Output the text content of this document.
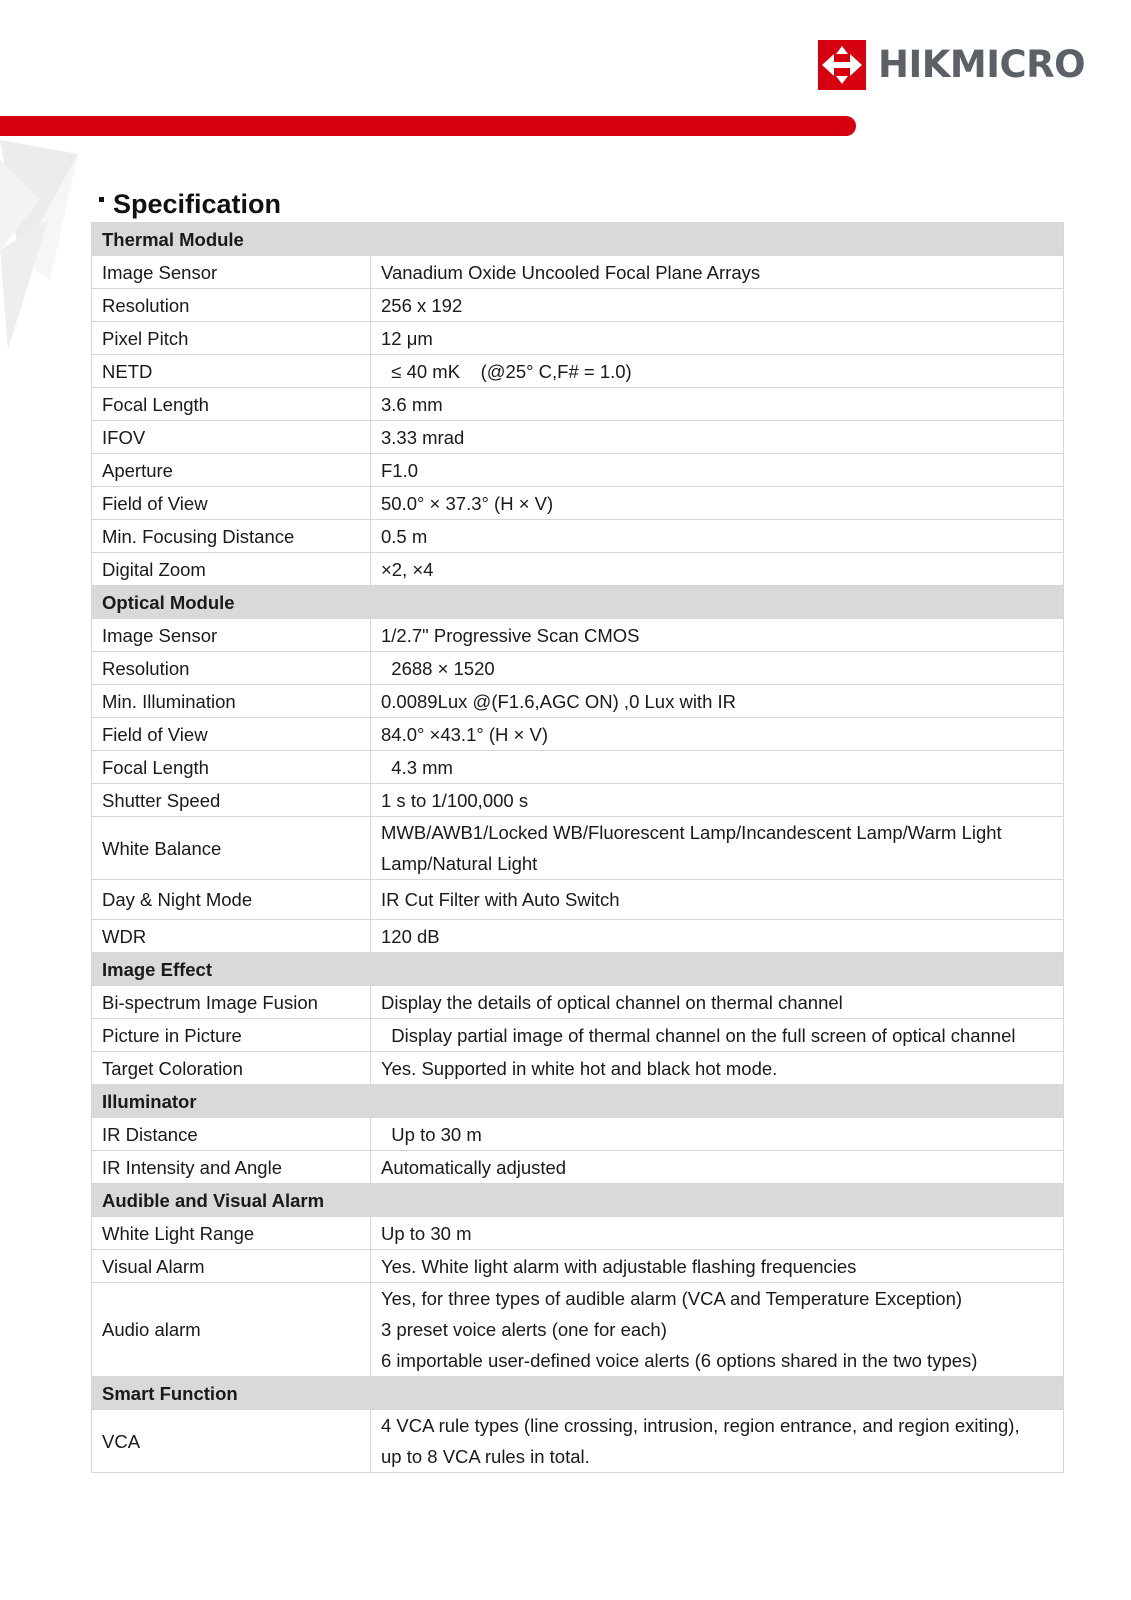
HIKMICRO
Specification
Thermal Module	
Image Sensor	Vanadium Oxide Uncooled Focal Plane Arrays

Resolution	256 x 192

Pixel Pitch	12 μm

NETD	≤ 40 mK    (@25° C,F# = 1.0)

Focal Length	3.6 mm

IFOV	3.33 mrad

Aperture	F1.0

Field of View	50.0° × 37.3° (H × V)

Min. Focusing Distance	0.5 m

Digital Zoom	×2, ×4

Optical Module	
Image Sensor	1/2.7" Progressive Scan CMOS

Resolution	2688 × 1520

Min. Illumination	0.0089Lux @(F1.6,AGC ON) ,0 Lux with IR

Field of View	84.0° ×43.1° (H × V)

Focal Length	4.3 mm

Shutter Speed	1 s to 1/100,000 s

White Balance	MWB/AWB1/Locked WB/Fluorescent Lamp/Incandescent Lamp/Warm Light
Lamp/Natural Light

Day & Night Mode	IR Cut Filter with Auto Switch

WDR	120 dB

Image Effect	
Bi-spectrum Image Fusion	Display the details of optical channel on thermal channel

Picture in Picture	Display partial image of thermal channel on the full screen of optical channel

Target Coloration	Yes. Supported in white hot and black hot mode.

Illuminator	
IR Distance	Up to 30 m

IR Intensity and Angle	Automatically adjusted

Audible and Visual Alarm	
White Light Range	Up to 30 m

Visual Alarm	Yes. White light alarm with adjustable flashing frequencies

Audio alarm	Yes, for three types of audible alarm (VCA and Temperature Exception)
3 preset voice alerts (one for each)
6 importable user-defined voice alerts (6 options shared in the two types)

Smart Function	
VCA	4 VCA rule types (line crossing, intrusion, region entrance, and region exiting),
up to 8 VCA rules in total.
